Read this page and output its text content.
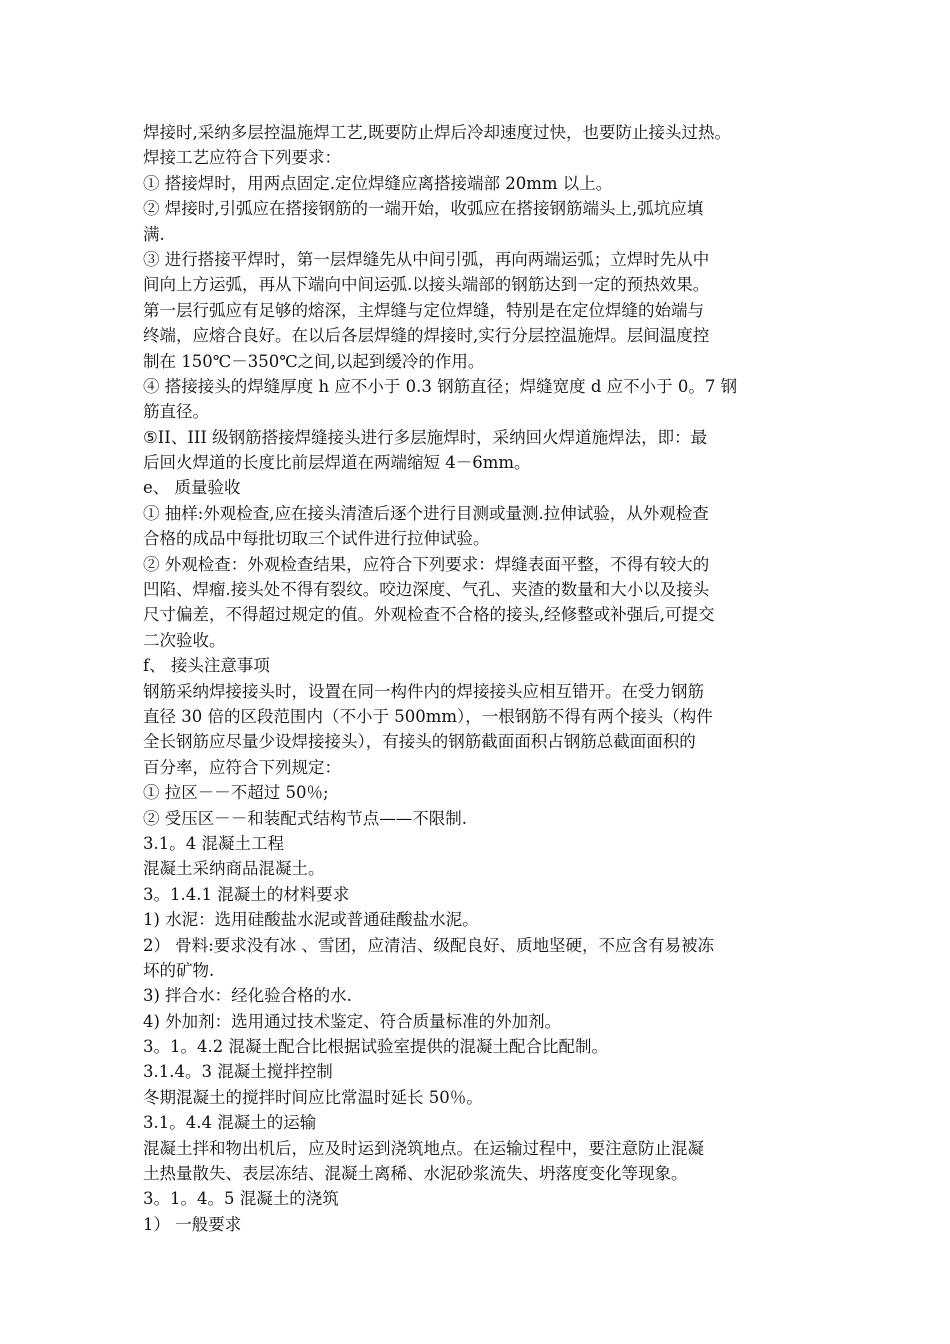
焊接时,采纳多层控温施焊工艺,既要防止焊后冷却速度过快，也要防止接头过热。
焊接工艺应符合下列要求：
① 搭接焊时，用两点固定.定位焊缝应离搭接端部 20mm 以上。
② 焊接时,引弧应在搭接钢筋的一端开始，收弧应在搭接钢筋端头上,弧坑应填
满.
③ 进行搭接平焊时，第一层焊缝先从中间引弧，再向两端运弧；立焊时先从中
间向上方运弧，再从下端向中间运弧.以接头端部的钢筋达到一定的预热效果。
第一层行弧应有足够的熔深，主焊缝与定位焊缝，特别是在定位焊缝的始端与
终端，应熔合良好。在以后各层焊缝的焊接时,实行分层控温施焊。层间温度控
制在 150℃－350℃之间,以起到缓冷的作用。
④ 搭接接头的焊缝厚度 h 应不小于 0.3 钢筋直径；焊缝宽度 d 应不小于 0。7 钢
筋直径。
⑤II、III 级钢筋搭接焊缝接头进行多层施焊时，采纳回火焊道施焊法，即：最
后回火焊道的长度比前层焊道在两端缩短 4－6mm。
e、 质量验收
① 抽样:外观检查,应在接头清渣后逐个进行目测或量测.拉伸试验，从外观检查
合格的成品中每批切取三个试件进行拉伸试验。
② 外观检查：外观检查结果，应符合下列要求：焊缝表面平整，不得有较大的
凹陷、焊瘤.接头处不得有裂纹。咬边深度、气孔、夹渣的数量和大小以及接头
尺寸偏差，不得超过规定的值。外观检查不合格的接头,经修整或补强后,可提交
二次验收。
f、 接头注意事项
钢筋采纳焊接接头时，设置在同一构件内的焊接接头应相互错开。在受力钢筋
直径 30 倍的区段范围内（不小于 500mm），一根钢筋不得有两个接头（构件
全长钢筋应尽量少设焊接接头），有接头的钢筋截面面积占钢筋总截面面积的
百分率，应符合下列规定：
① 拉区－－不超过 50％;
② 受压区－－和装配式结构节点——不限制.
3.1。4 混凝土工程
混凝土采纳商品混凝土。
3。1.4.1 混凝土的材料要求
1) 水泥：选用硅酸盐水泥或普通硅酸盐水泥。
2） 骨料:要求没有冰 、雪团，应清洁、级配良好、质地坚硬，不应含有易被冻
坏的矿物.
3) 拌合水：经化验合格的水.
4) 外加剂：选用通过技术鉴定、符合质量标准的外加剂。
3。1。4.2 混凝土配合比根据试验室提供的混凝土配合比配制。
3.1.4。3 混凝土搅拌控制
冬期混凝土的搅拌时间应比常温时延长 50％。
3.1。4.4 混凝土的运输
混凝土拌和物出机后，应及时运到浇筑地点。在运输过程中，要注意防止混凝
土热量散失、表层冻结、混凝土离稀、水泥砂浆流失、坍落度变化等现象。
3。1。4。5 混凝土的浇筑
1） 一般要求
